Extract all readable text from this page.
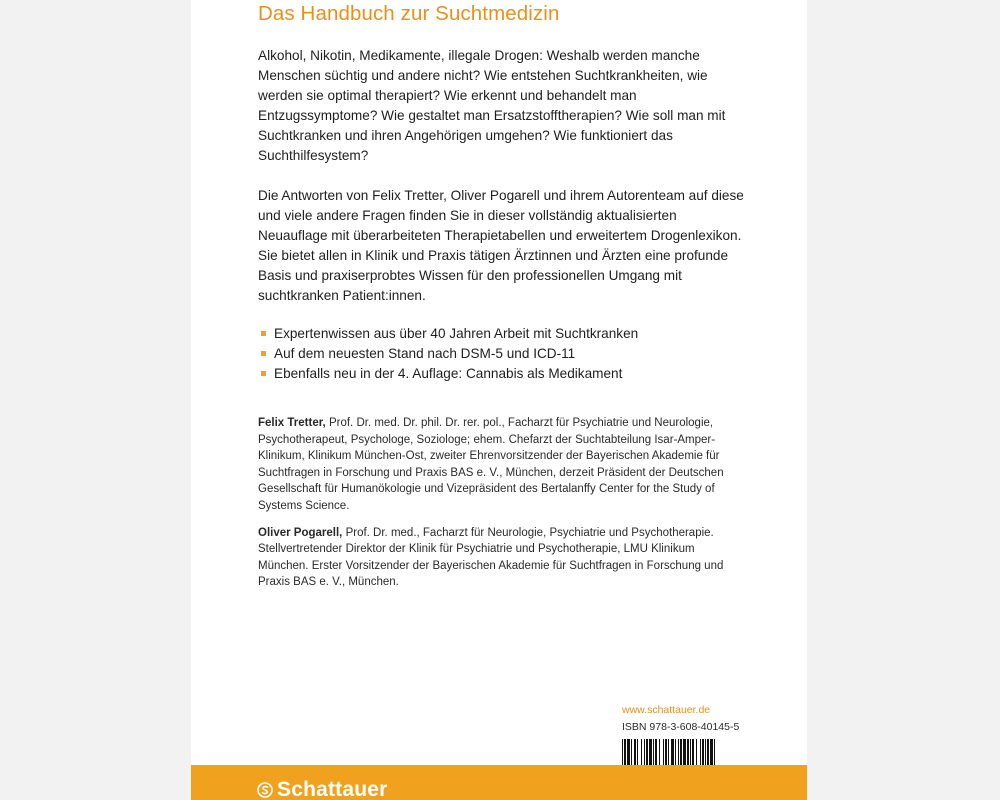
Das Handbuch zur Suchtmedizin

Alkohol, Nikotin, Medikamente, illegale Drogen: Weshalb werden manche Menschen süchtig und andere nicht? Wie entstehen Suchtkrankheiten, wie werden sie optimal therapiert? Wie erkennt und behandelt man Entzugssymptome? Wie gestaltet man Ersatzstofftherapien? Wie soll man mit Suchtkranken und ihren Angehörigen umgehen? Wie funktioniert das Suchthilfesystem?

Die Antworten von Felix Tretter, Oliver Pogarell und ihrem Autorenteam auf diese und viele andere Fragen finden Sie in dieser vollständig aktualisierten Neuauflage mit überarbeiteten Therapietabellen und erweitertem Drogenlexikon. Sie bietet allen in Klinik und Praxis tätigen Ärztinnen und Ärzten eine profunde Basis und praxiserprobtes Wissen für den professionellen Umgang mit suchtkranken Patient:innen.

Expertenwissen aus über 40 Jahren Arbeit mit Suchtkranken
Auf dem neuesten Stand nach DSM-5 und ICD-11
Ebenfalls neu in der 4. Auflage: Cannabis als Medikament

Felix Tretter, Prof. Dr. med. Dr. phil. Dr. rer. pol., Facharzt für Psychiatrie und Neurologie, Psychotherapeut, Psychologe, Soziologe; ehem. Chefarzt der Suchtabteilung Isar-Amper-Klinikum, Klinikum München-Ost, zweiter Ehrenvorsitzender der Bayerischen Akademie für Suchtfragen in Forschung und Praxis BAS e. V., München, derzeit Präsident der Deutschen Gesellschaft für Humanökologie und Vizepräsident des Bertalanffy Center for the Study of Systems Science.

Oliver Pogarell, Prof. Dr. med., Facharzt für Neurologie, Psychiatrie und Psychotherapie. Stellvertretender Direktor der Klinik für Psychiatrie und Psychotherapie, LMU Klinikum München. Erster Vorsitzender der Bayerischen Akademie für Suchtfragen in Forschung und Praxis BAS e. V., München.

www.schattauer.de
ISBN 978-3-608-40145-5
Schattauer
